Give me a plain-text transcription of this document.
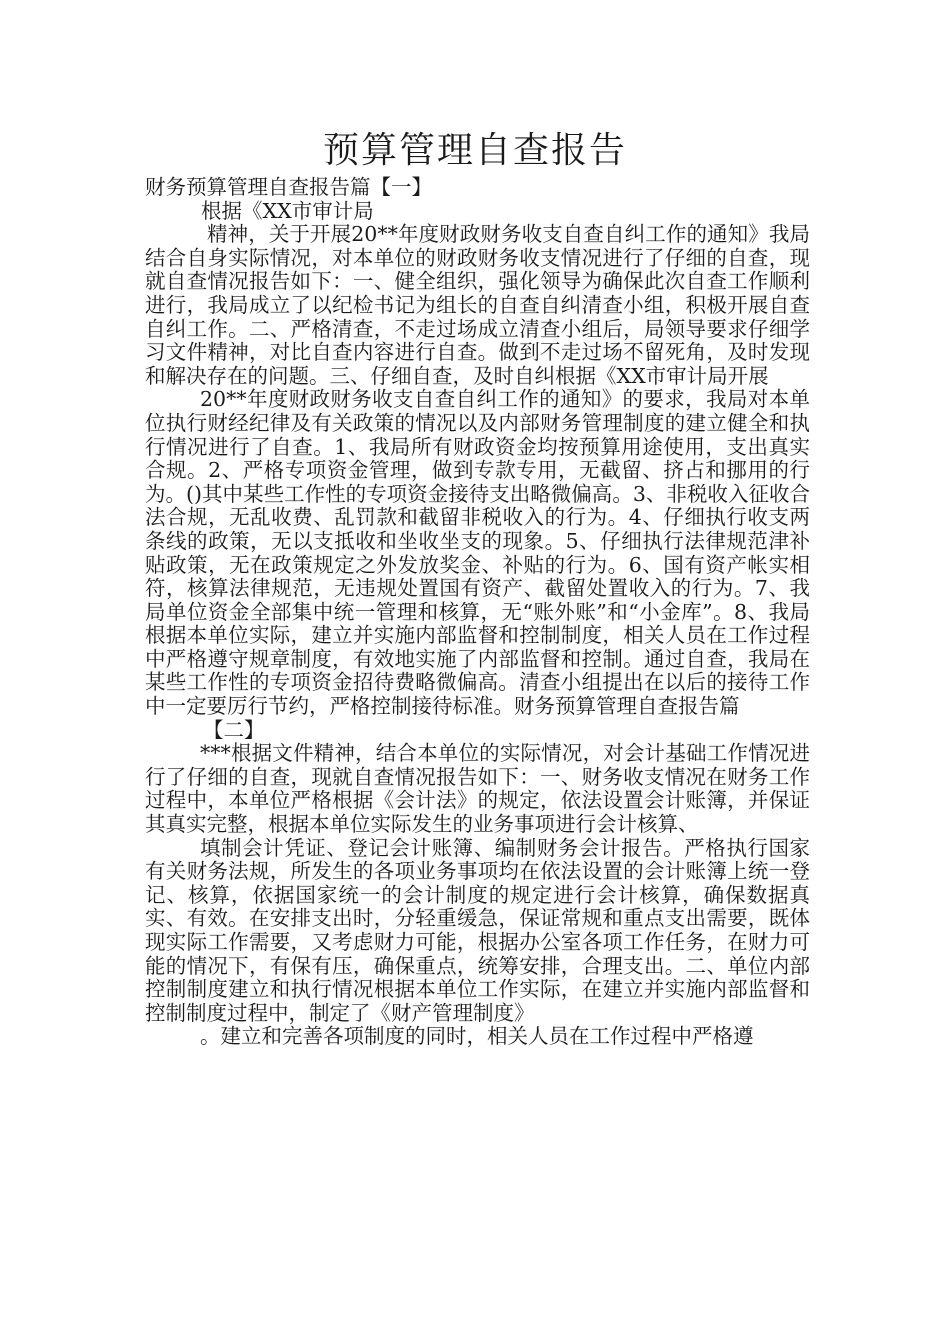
预算管理自查报告

财务预算管理自查报告篇【一】

根据《XX市审计局

精神，关于开展20**年度财政财务收支自查自纠工作的通知》我局结合自身实际情况，对本单位的财政财务收支情况进行了仔细的自查，现就自查情况报告如下：一、健全组织，强化领导为确保此次自查工作顺利进行，我局成立了以纪检书记为组长的自查自纠清查小组，积极开展自查自纠工作。二、严格清查，不走过场成立清查小组后，局领导要求仔细学习文件精神，对比自查内容进行自查。做到不走过场不留死角，及时发现和解决存在的问题。三、仔细自查，及时自纠根据《XX市审计局开展

20**年度财政财务收支自查自纠工作的通知》的要求，我局对本单位执行财经纪律及有关政策的情况以及内部财务管理制度的建立健全和执行情况进行了自查。1、我局所有财政资金均按预算用途使用，支出真实合规。2、严格专项资金管理，做到专款专用，无截留、挤占和挪用的行为。()其中某些工作性的专项资金接待支出略微偏高。3、非税收入征收合法合规，无乱收费、乱罚款和截留非税收入的行为。4、仔细执行收支两条线的政策，无以支抵收和坐收坐支的现象。5、仔细执行法律规范津补贴政策，无在政策规定之外发放奖金、补贴的行为。6、国有资产帐实相符，核算法律规范，无违规处置国有资产、截留处置收入的行为。7、我局单位资金全部集中统一管理和核算，无“账外账”和“小金库”。8、我局根据本单位实际，建立并实施内部监督和控制制度，相关人员在工作过程中严格遵守规章制度，有效地实施了内部监督和控制。通过自查，我局在某些工作性的专项资金招待费略微偏高。清查小组提出在以后的接待工作中一定要厉行节约，严格控制接待标准。财务预算管理自查报告篇

【二】

***根据文件精神，结合本单位的实际情况，对会计基础工作情况进行了仔细的自查，现就自查情况报告如下：一、财务收支情况在财务工作过程中，本单位严格根据《会计法》的规定，依法设置会计账簿，并保证其真实完整，根据本单位实际发生的业务事项进行会计核算、

填制会计凭证、登记会计账簿、编制财务会计报告。严格执行国家有关财务法规，所发生的各项业务事项均在依法设置的会计账簿上统一登记、核算，依据国家统一的会计制度的规定进行会计核算，确保数据真实、有效。在安排支出时，分轻重缓急，保证常规和重点支出需要，既体现实际工作需要，又考虑财力可能，根据办公室各项工作任务，在财力可能的情况下，有保有压，确保重点，统筹安排，合理支出。二、单位内部控制制度建立和执行情况根据本单位工作实际，在建立并实施内部监督和控制制度过程中，制定了《财产管理制度》

。建立和完善各项制度的同时，相关人员在工作过程中严格遵
